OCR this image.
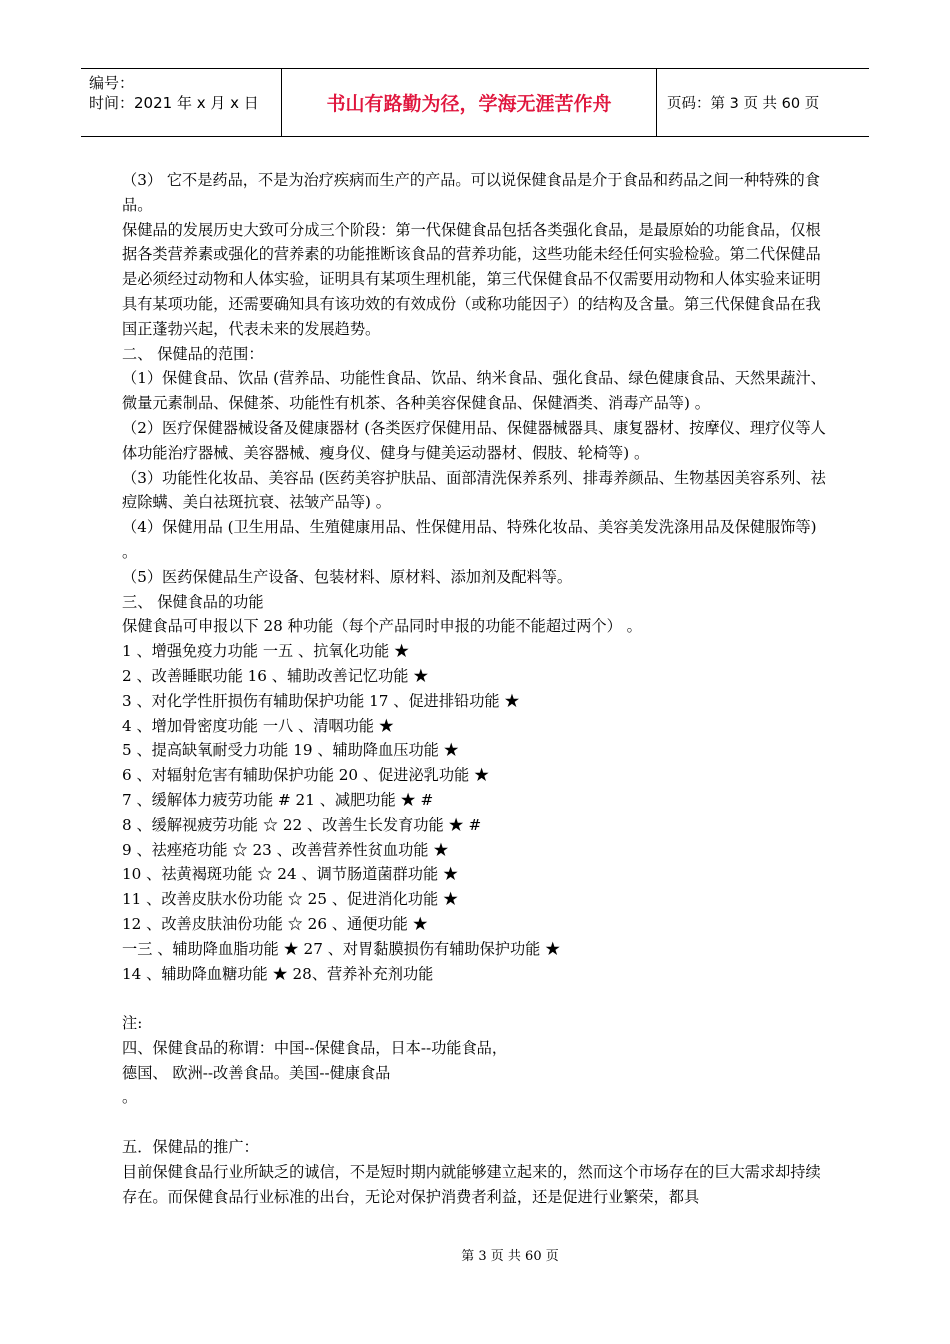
编号：
时间：2021 年 x 月 x 日	书山有路勤为径，学海无涯苦作舟	页码：第 3 页 共 60 页

（3） 它不是药品，不是为治疗疾病而生产的产品。可以说保健食品是介于食品和药品之间一种特殊的食品。

保健品的发展历史大致可分成三个阶段：第一代保健食品包括各类强化食品，是最原始的功能食品，仅根据各类营养素或强化的营养素的功能推断该食品的营养功能，这些功能未经任何实验检验。第二代保健品是必须经过动物和人体实验，证明具有某项生理机能，第三代保健食品不仅需要用动物和人体实验来证明具有某项功能，还需要确知具有该功效的有效成份（或称功能因子）的结构及含量。第三代保健食品在我国正蓬勃兴起，代表未来的发展趋势。

二、 保健品的范围：

（1）保健食品、饮品 (营养品、功能性食品、饮品、纳米食品、强化食品、绿色健康食品、天然果蔬汁、微量元素制品、保健茶、功能性有机茶、各种美容保健食品、保健酒类、消毒产品等) 。

（2）医疗保健器械设备及健康器材 (各类医疗保健用品、保健器械器具、康复器材、按摩仪、理疗仪等人体功能治疗器械、美容器械、瘦身仪、健身与健美运动器材、假肢、轮椅等) 。

（3）功能性化妆品、美容品 (医药美容护肤品、面部清洗保养系列、排毒养颜品、生物基因美容系列、祛痘除螨、美白祛斑抗衰、祛皱产品等) 。

（4）保健用品 (卫生用品、生殖健康用品、性保健用品、特殊化妆品、美容美发洗涤用品及保健服饰等) 。

（5）医药保健品生产设备、包装材料、原材料、添加剂及配料等。

三、 保健食品的功能

保健食品可申报以下 28 种功能（每个产品同时申报的功能不能超过两个） 。

1 、增强免疫力功能 一五 、抗氧化功能 ★

2 、改善睡眠功能 16 、辅助改善记忆功能 ★

3 、对化学性肝损伤有辅助保护功能 17 、促进排铅功能 ★

4 、增加骨密度功能 一八 、清咽功能 ★

5 、提高缺氧耐受力功能 19 、辅助降血压功能 ★

6 、对辐射危害有辅助保护功能 20 、促进泌乳功能 ★

7 、缓解体力疲劳功能 # 21 、减肥功能 ★ #

8 、缓解视疲劳功能 ☆ 22 、改善生长发育功能 ★ #

9 、祛痤疮功能 ☆ 23 、改善营养性贫血功能 ★

10 、祛黄褐斑功能 ☆ 24 、调节肠道菌群功能 ★

11 、改善皮肤水份功能 ☆ 25 、促进消化功能 ★

12 、改善皮肤油份功能 ☆ 26 、通便功能 ★

一三 、辅助降血脂功能 ★ 27 、对胃黏膜损伤有辅助保护功能 ★

14 、辅助降血糖功能 ★ 28、营养补充剂功能

注:

四、保健食品的称谓：中国--保健食品，日本--功能食品，

德国、 欧洲--改善食品。美国--健康食品

。

五．保健品的推广：

目前保健食品行业所缺乏的诚信，不是短时期内就能够建立起来的，然而这个市场存在的巨大需求却持续存在。而保健食品行业标准的出台，无论对保护消费者利益，还是促进行业繁荣，都具

第 3 页 共 60 页
